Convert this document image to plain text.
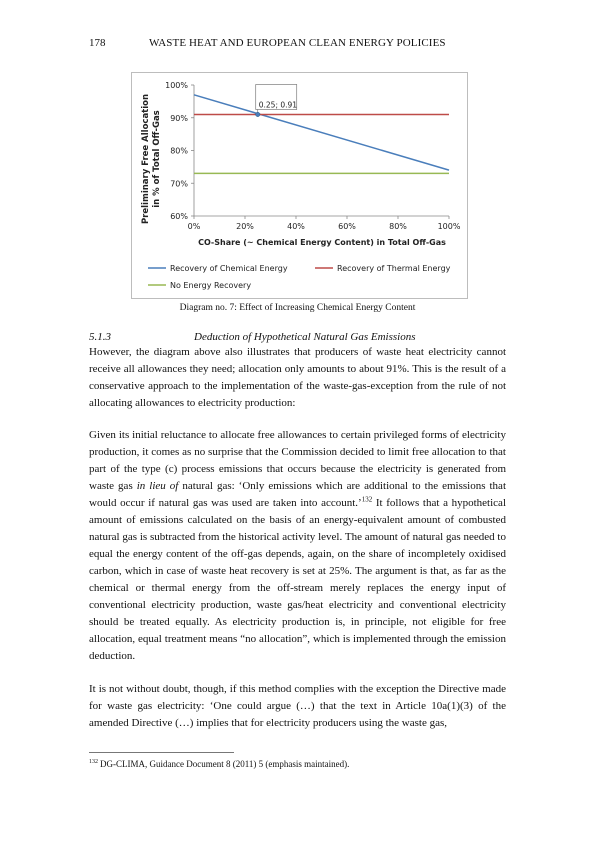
178	WASTE HEAT AND EUROPEAN CLEAN ENERGY POLICIES
Preliminary Free Allocation in % of Total Off-Gas
CO-Share (~ Chemical Energy Content) in Total Off-Gas
60%
70%
80%
90%
100%
0%	20%	40%	60%	80%	100%
0.25; 0.91
Recovery of Chemical Energy	Recovery of Thermal Energy
No Energy Recovery
Diagram no. 7: Effect of Increasing Chemical Energy Content
5.1.3	Deduction of Hypothetical Natural Gas Emissions

However, the diagram above also illustrates that producers of waste heat electricity cannot receive all allowances they need; allocation only amounts to about 91%. This is the result of a conservative approach to the implementation of the waste-gas-exception from the rule of not allocating allowances to electricity production:

Given its initial reluctance to allocate free allowances to certain privileged forms of electricity production, it comes as no surprise that the Commission decided to limit free allocation to that part of the type (c) process emissions that occurs because the electricity is generated from waste gas in lieu of natural gas: ‘Only emissions which are additional to the emissions that would occur if natural gas was used are taken into account.’$^{132}$ It follows that a hypothetical amount of emissions calculated on the basis of an energy-equivalent amount of combusted natural gas is subtracted from the historical activity level. The amount of natural gas needed to equal the energy content of the off-gas depends, again, on the share of incompletely oxidised carbon, which in case of waste heat recovery is set at 25%. The argument is that, as far as the chemical or thermal energy from the off-stream merely replaces the energy input of conventional electricity production, waste gas/heat electricity and conventional electricity should be treated equally. As electricity production is, in principle, not eligible for free allocation, equal treatment means “no allocation”, which is implemented through the emission deduction.

It is not without doubt, though, if this method complies with the exception the Directive made for waste gas electricity: ‘One could argue (…) that the text in Article 10a(1)(3) of the amended Directive (…) implies that for electricity producers using the waste gas,

$^{132}$ DG-CLIMA, Guidance Document 8 (2011) 5 (emphasis maintained).
